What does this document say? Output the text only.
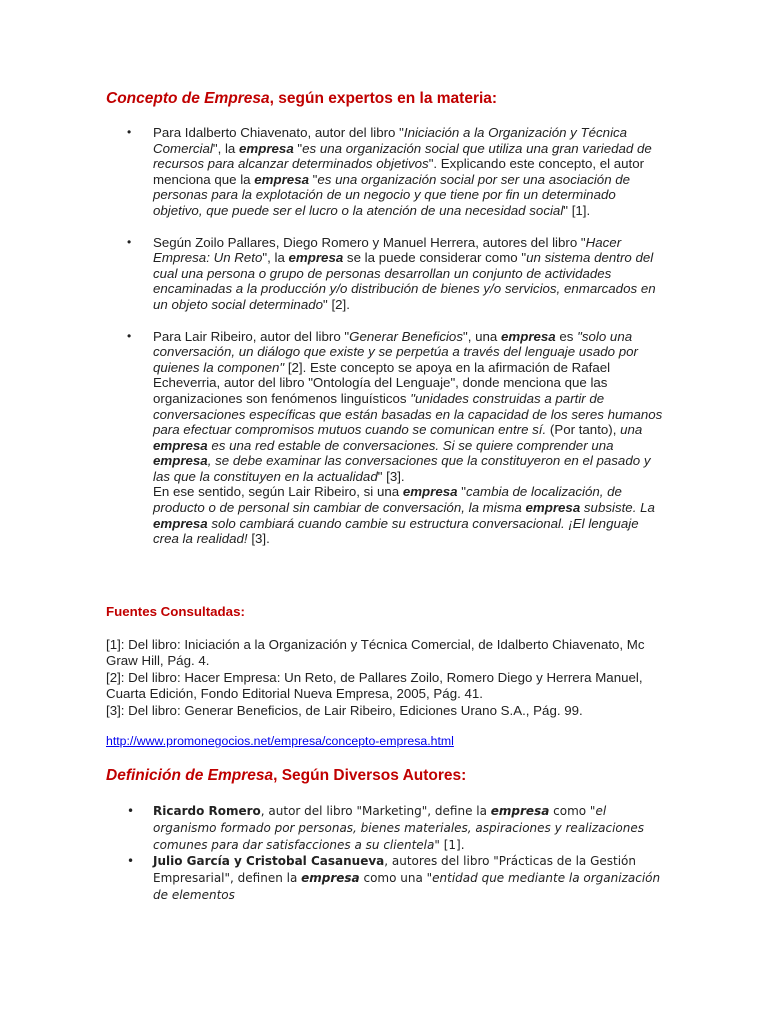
Concepto de Empresa, según expertos en la materia:
• Para Idalberto Chiavenato, autor del libro "Iniciación a la Organización y Técnica Comercial", la empresa "es una organización social que utiliza una gran variedad de recursos para alcanzar determinados objetivos". Explicando este concepto, el autor menciona que la empresa "es una organización social por ser una asociación de personas para la explotación de un negocio y que tiene por fin un determinado objetivo, que puede ser el lucro o la atención de una necesidad social" [1].
• Según Zoilo Pallares, Diego Romero y Manuel Herrera, autores del libro "Hacer Empresa: Un Reto", la empresa se la puede considerar como "un sistema dentro del cual una persona o grupo de personas desarrollan un conjunto de actividades encaminadas a la producción y/o distribución de bienes y/o servicios, enmarcados en un objeto social determinado" [2].
• Para Lair Ribeiro, autor del libro "Generar Beneficios", una empresa es "solo una conversación, un diálogo que existe y se perpetúa a través del lenguaje usado por quienes la componen" [2]. Este concepto se apoya en la afirmación de Rafael Echeverria, autor del libro "Ontología del Lenguaje", donde menciona que las organizaciones son fenómenos linguísticos "unidades construidas a partir de conversaciones específicas que están basadas en la capacidad de los seres humanos para efectuar compromisos mutuos cuando se comunican entre sí. (Por tanto), una empresa es una red estable de conversaciones. Si se quiere comprender una empresa, se debe examinar las conversaciones que la constituyeron en el pasado y las que la constituyen en la actualidad" [3].
En ese sentido, según Lair Ribeiro, si una empresa "cambia de localización, de producto o de personal sin cambiar de conversación, la misma empresa subsiste. La empresa solo cambiará cuando cambie su estructura conversacional. ¡El lenguaje crea la realidad! [3].
Fuentes Consultadas:

[1]: Del libro: Iniciación a la Organización y Técnica Comercial, de Idalberto Chiavenato, Mc Graw Hill, Pág. 4.

[2]: Del libro: Hacer Empresa: Un Reto, de Pallares Zoilo, Romero Diego y Herrera Manuel, Cuarta Edición, Fondo Editorial Nueva Empresa, 2005, Pág. 41.

[3]: Del libro: Generar Beneficios, de Lair Ribeiro, Ediciones Urano S.A., Pág. 99.

http://www.promonegocios.net/empresa/concepto-empresa.html
Definición de Empresa, Según Diversos Autores:
• Ricardo Romero, autor del libro "Marketing", define la empresa como "el organismo formado por personas, bienes materiales, aspiraciones y realizaciones comunes para dar satisfacciones a su clientela" [1].
• Julio García y Cristobal Casanueva, autores del libro "Prácticas de la Gestión Empresarial", definen la empresa como una "entidad que mediante la organización de elementos
